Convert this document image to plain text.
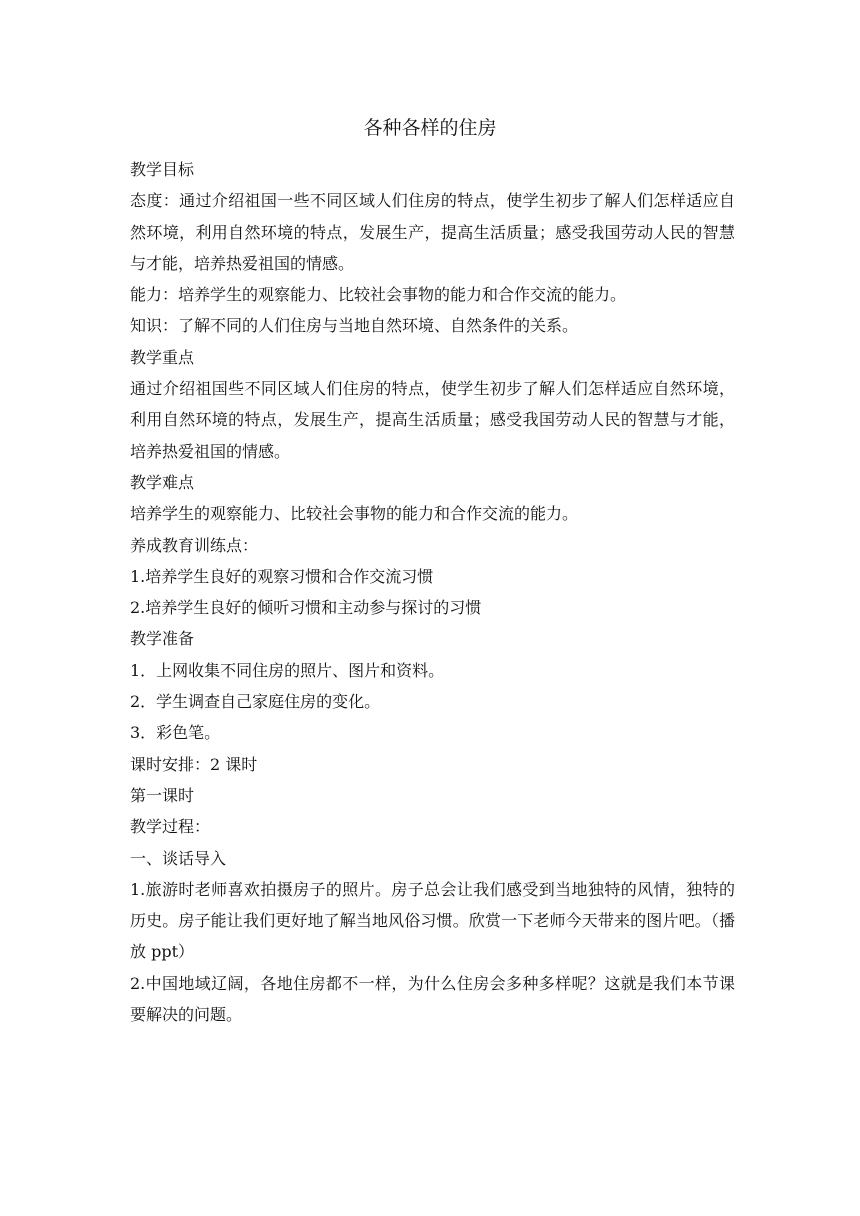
各种各样的住房

教学目标

态度：通过介绍祖国一些不同区域人们住房的特点，使学生初步了解人们怎样适应自然环境，利用自然环境的特点，发展生产，提高生活质量；感受我国劳动人民的智慧与才能，培养热爱祖国的情感。

能力：培养学生的观察能力、比较社会事物的能力和合作交流的能力。

知识：了解不同的人们住房与当地自然环境、自然条件的关系。

教学重点

通过介绍祖国些不同区域人们住房的特点，使学生初步了解人们怎样适应自然环境，利用自然环境的特点，发展生产，提高生活质量；感受我国劳动人民的智慧与才能，培养热爱祖国的情感。

教学难点

培养学生的观察能力、比较社会事物的能力和合作交流的能力。

养成教育训练点：

1.培养学生良好的观察习惯和合作交流习惯

2.培养学生良好的倾听习惯和主动参与探讨的习惯

教学准备

1．上网收集不同住房的照片、图片和资料。

2．学生调查自己家庭住房的变化。

3．彩色笔。

课时安排：2 课时

第一课时

教学过程：

一、谈话导入

1.旅游时老师喜欢拍摄房子的照片。房子总会让我们感受到当地独特的风情，独特的历史。房子能让我们更好地了解当地风俗习惯。欣赏一下老师今天带来的图片吧。（播放 ppt）

2.中国地域辽阔，各地住房都不一样，为什么住房会多种多样呢？这就是我们本节课要解决的问题。
